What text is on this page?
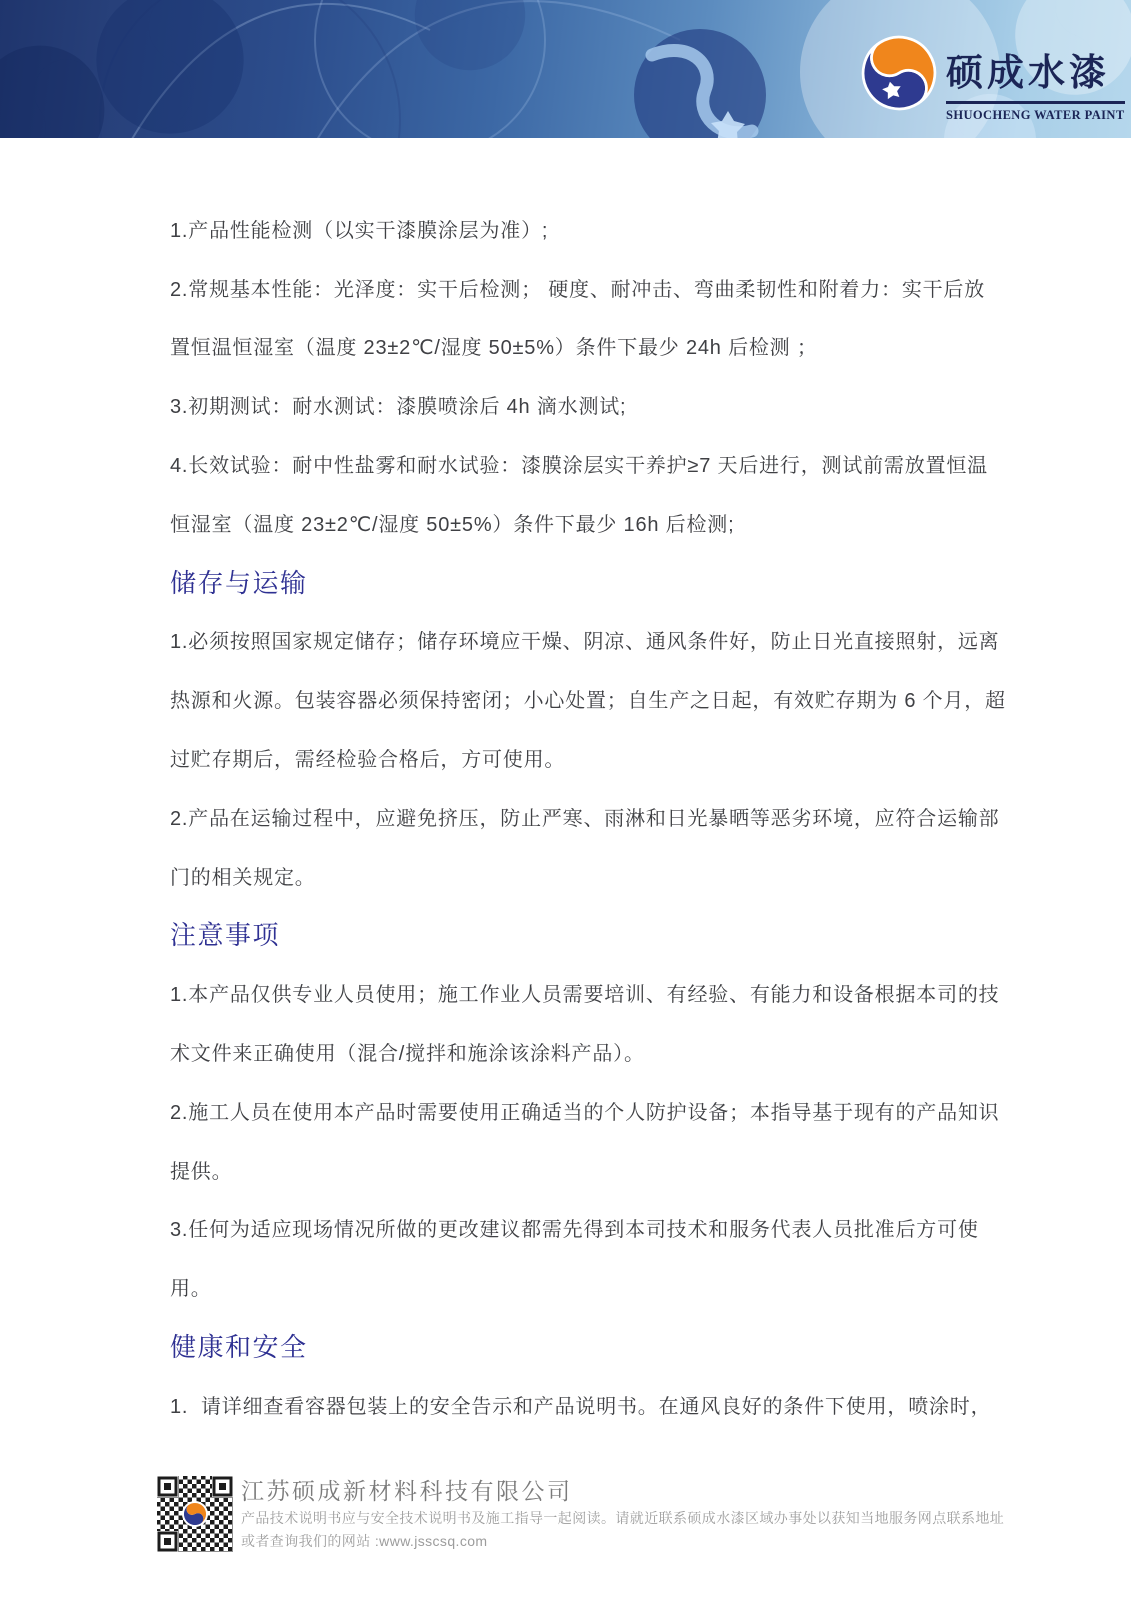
硕成水漆
SHUOCHENG WATER PAINT
1.产品性能检测（以实干漆膜涂层为准）;
2.常规基本性能：光泽度：实干后检测； 硬度、耐冲击、弯曲柔韧性和附着力：实干后放
置恒温恒湿室（温度 23±2℃/湿度 50±5%）条件下最少 24h 后检测 ；
3.初期测试：耐水测试：漆膜喷涂后 4h 滴水测试;
4.长效试验：耐中性盐雾和耐水试验：漆膜涂层实干养护≥7 天后进行，测试前需放置恒温
恒湿室（温度 23±2℃/湿度 50±5%）条件下最少 16h 后检测;
储存与运输
1.必须按照国家规定储存；储存环境应干燥、阴凉、通风条件好，防止日光直接照射，远离
热源和火源。包装容器必须保持密闭；小心处置；自生产之日起，有效贮存期为 6 个月，超
过贮存期后，需经检验合格后，方可使用。
2.产品在运输过程中，应避免挤压，防止严寒、雨淋和日光暴晒等恶劣环境，应符合运输部
门的相关规定。
注意事项
1.本产品仅供专业人员使用；施工作业人员需要培训、有经验、有能力和设备根据本司的技
术文件来正确使用（混合/搅拌和施涂该涂料产品）。
2.施工人员在使用本产品时需要使用正确适当的个人防护设备；本指导基于现有的产品知识
提供。
3.任何为适应现场情况所做的更改建议都需先得到本司技术和服务代表人员批准后方可使
用。
健康和安全
1.  请详细查看容器包装上的安全告示和产品说明书。在通风良好的条件下使用，喷涂时，
江苏硕成新材料科技有限公司
产品技术说明书应与安全技术说明书及施工指导一起阅读。请就近联系硕成水漆区域办事处以获知当地服务网点联系地址
或者查询我们的网站 :www.jsscsq.com
